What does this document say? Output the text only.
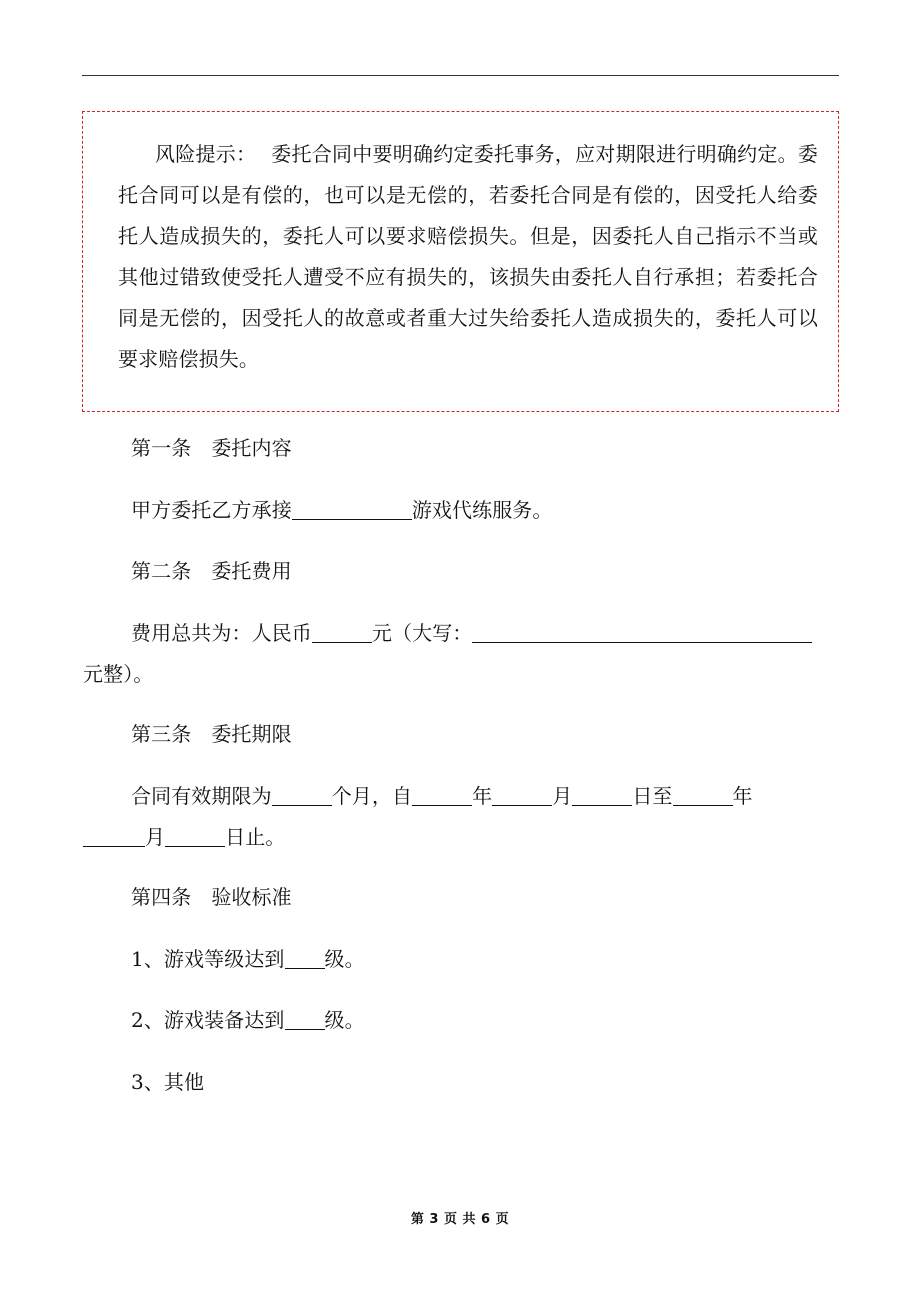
风险提示： 委托合同中要明确约定委托事务，应对期限进行明确约定。委托合同可以是有偿的，也可以是无偿的，若委托合同是有偿的，因受托人给委托人造成损失的，委托人可以要求赔偿损失。但是，因委托人自己指示不当或其他过错致使受托人遭受不应有损失的，该损失由委托人自行承担；若委托合同是无偿的，因受托人的故意或者重大过失给委托人造成损失的，委托人可以要求赔偿损失。

第一条 委托内容
甲方委托乙方承接	游戏代练服务。
第二条 委托费用
费用总共为：人民币	元（大写：
元整）。
第三条 委托期限
合同有效期限为	个月，自	年	月	日至	年
月	日止。
第四条 验收标准
1、游戏等级达到 级。
2、游戏装备达到 级。
3、其他
第 3 页 共 6 页
